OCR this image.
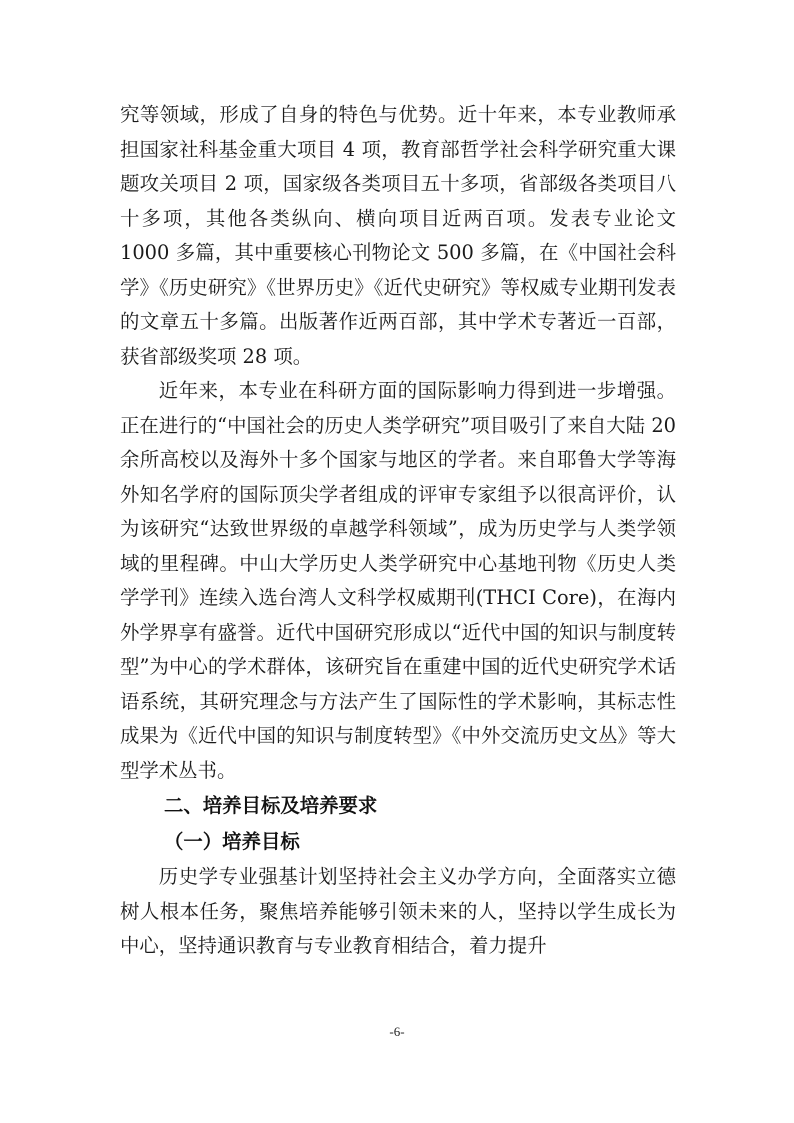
究等领域，形成了自身的特色与优势。近十年来，本专业教师承担国家社科基金重大项目 4 项，教育部哲学社会科学研究重大课题攻关项目 2 项，国家级各类项目五十多项，省部级各类项目八十多项，其他各类纵向、横向项目近两百项。发表专业论文 1000 多篇，其中重要核心刊物论文 500 多篇，在《中国社会科学》《历史研究》《世界历史》《近代史研究》等权威专业期刊发表的文章五十多篇。出版著作近两百部，其中学术专著近一百部，获省部级奖项 28 项。

近年来，本专业在科研方面的国际影响力得到进一步增强。正在进行的“中国社会的历史人类学研究”项目吸引了来自大陆 20 余所高校以及海外十多个国家与地区的学者。来自耶鲁大学等海外知名学府的国际顶尖学者组成的评审专家组予以很高评价，认为该研究“达致世界级的卓越学科领域”，成为历史学与人类学领域的里程碑。中山大学历史人类学研究中心基地刊物《历史人类学学刊》连续入选台湾人文科学权威期刊(THCI Core)，在海内外学界享有盛誉。近代中国研究形成以“近代中国的知识与制度转型”为中心的学术群体，该研究旨在重建中国的近代史研究学术话语系统，其研究理念与方法产生了国际性的学术影响，其标志性成果为《近代中国的知识与制度转型》《中外交流历史文丛》等大型学术丛书。

二、培养目标及培养要求
（一）培养目标

历史学专业强基计划坚持社会主义办学方向，全面落实立德树人根本任务，聚焦培养能够引领未来的人，坚持以学生成长为中心，坚持通识教育与专业教育相结合，着力提升

-6-
